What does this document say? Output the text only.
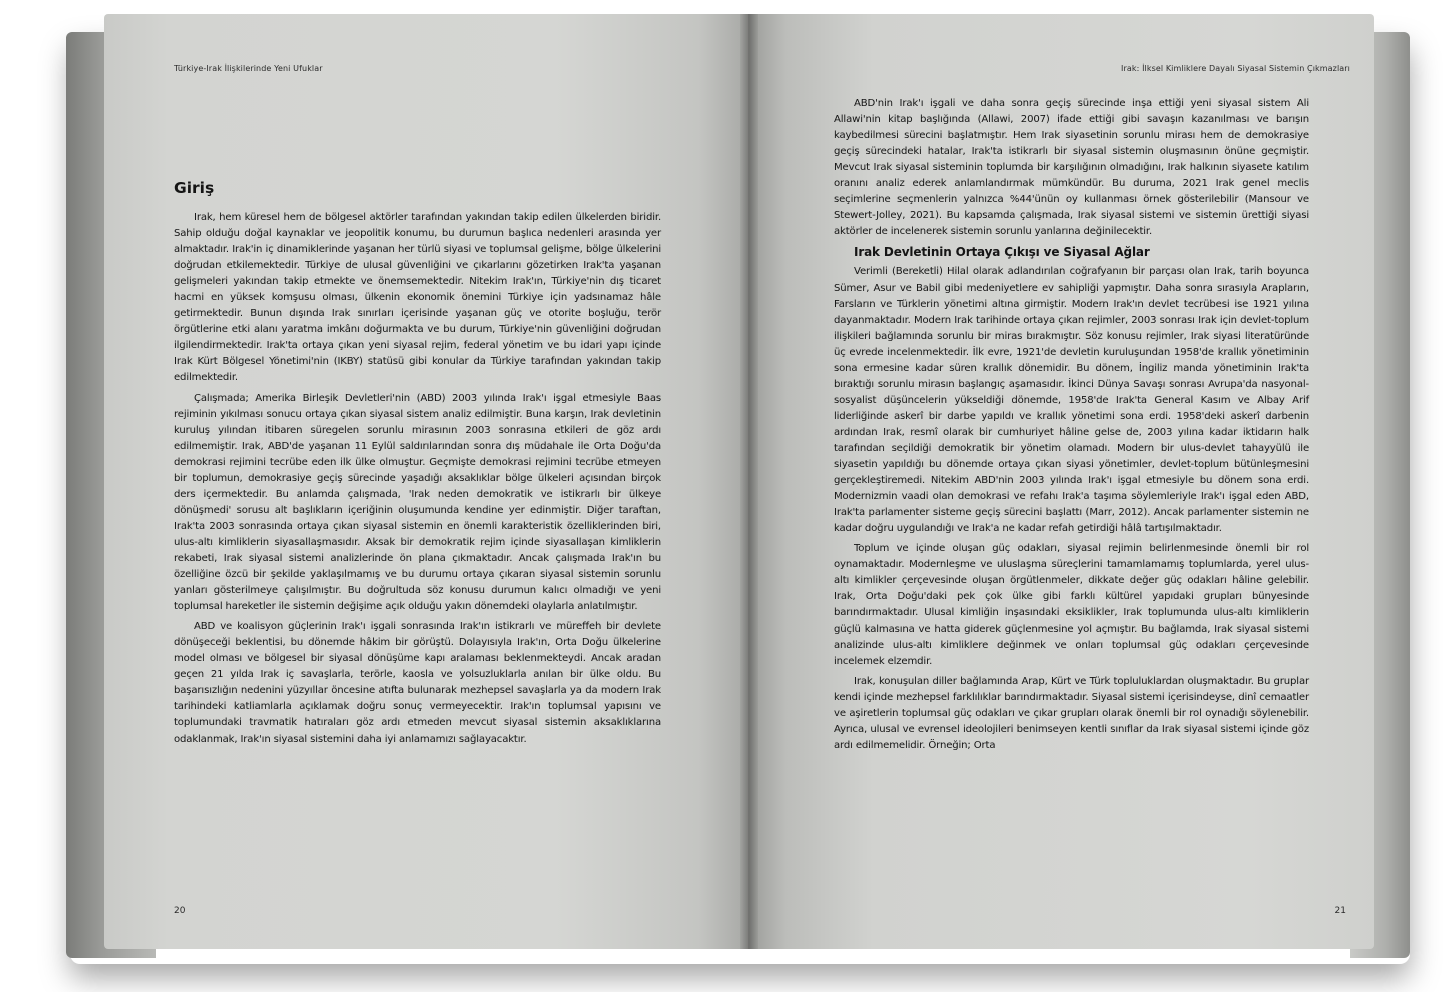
Türkiye-Irak İlişkilerinde Yeni Ufuklar
Giriş

Irak, hem küresel hem de bölgesel aktörler tarafından yakından takip edilen ülkelerden biridir. Sahip olduğu doğal kaynaklar ve jeopolitik konumu, bu durumun başlıca nedenleri arasında yer almaktadır. Irak'in iç dinamiklerinde yaşanan her türlü siyasi ve toplumsal gelişme, bölge ülkelerini doğrudan etkilemektedir. Türkiye de ulusal güvenliğini ve çıkarlarını gözetirken Irak'ta yaşanan gelişmeleri yakından takip etmekte ve önemsemektedir. Nitekim Irak'ın, Türkiye'nin dış ticaret hacmi en yüksek komşusu olması, ülkenin ekonomik önemini Türkiye için yadsınamaz hâle getirmektedir. Bunun dışında Irak sınırları içerisinde yaşanan güç ve otorite boşluğu, terör örgütlerine etki alanı yaratma imkânı doğurmakta ve bu durum, Türkiye'nin güvenliğini doğrudan ilgilendirmektedir. Irak'ta ortaya çıkan yeni siyasal rejim, federal yönetim ve bu idari yapı içinde Irak Kürt Bölgesel Yönetimi'nin (IKBY) statüsü gibi konular da Türkiye tarafından yakından takip edilmektedir.

Çalışmada; Amerika Birleşik Devletleri'nin (ABD) 2003 yılında Irak'ı işgal etmesiyle Baas rejiminin yıkılması sonucu ortaya çıkan siyasal sistem analiz edilmiştir. Buna karşın, Irak devletinin kuruluş yılından itibaren süregelen sorunlu mirasının 2003 sonrasına etkileri de göz ardı edilmemiştir. Irak, ABD'de yaşanan 11 Eylül saldırılarından sonra dış müdahale ile Orta Doğu'da demokrasi rejimini tecrübe eden ilk ülke olmuştur. Geçmişte demokrasi rejimini tecrübe etmeyen bir toplumun, demokrasiye geçiş sürecinde yaşadığı aksaklıklar bölge ülkeleri açısından birçok ders içermektedir. Bu anlamda çalışmada, 'Irak neden demokratik ve istikrarlı bir ülkeye dönüşmedi' sorusu alt başlıkların içeriğinin oluşumunda kendine yer edinmiştir. Diğer taraftan, Irak'ta 2003 sonrasında ortaya çıkan siyasal sistemin en önemli karakteristik özelliklerinden biri, ulus-altı kimliklerin siyasallaşmasıdır. Aksak bir demokratik rejim içinde siyasallaşan kimliklerin rekabeti, Irak siyasal sistemi analizlerinde ön plana çıkmaktadır. Ancak çalışmada Irak'ın bu özelliğine özcü bir şekilde yaklaşılmamış ve bu durumu ortaya çıkaran siyasal sistemin sorunlu yanları gösterilmeye çalışılmıştır. Bu doğrultuda söz konusu durumun kalıcı olmadığı ve yeni toplumsal hareketler ile sistemin değişime açık olduğu yakın dönemdeki olaylarla anlatılmıştır.

ABD ve koalisyon güçlerinin Irak'ı işgali sonrasında Irak'ın istikrarlı ve müreffeh bir devlete dönüşeceği beklentisi, bu dönemde hâkim bir görüştü. Dolayısıyla Irak'ın, Orta Doğu ülkelerine model olması ve bölgesel bir siyasal dönüşüme kapı aralaması beklenmekteydi. Ancak aradan geçen 21 yılda Irak iç savaşlarla, terörle, kaosla ve yolsuzluklarla anılan bir ülke oldu. Bu başarısızlığın nedenini yüzyıllar öncesine atıfta bulunarak mezhepsel savaşlarla ya da modern Irak tarihindeki katliamlarla açıklamak doğru sonuç vermeyecektir. Irak'ın toplumsal yapısını ve toplumundaki travmatik hatıraları göz ardı etmeden mevcut siyasal sistemin aksaklıklarına odaklanmak, Irak'ın siyasal sistemini daha iyi anlamamızı sağlayacaktır.

20
Irak: İlksel Kimliklere Dayalı Siyasal Sistemin Çıkmazları

ABD'nin Irak'ı işgali ve daha sonra geçiş sürecinde inşa ettiği yeni siyasal sistem Ali Allawi'nin kitap başlığında (Allawi, 2007) ifade ettiği gibi savaşın kazanılması ve barışın kaybedilmesi sürecini başlatmıştır. Hem Irak siyasetinin sorunlu mirası hem de demokrasiye geçiş sürecindeki hatalar, Irak'ta istikrarlı bir siyasal sistemin oluşmasının önüne geçmiştir. Mevcut Irak siyasal sisteminin toplumda bir karşılığının olmadığını, Irak halkının siyasete katılım oranını analiz ederek anlamlandırmak mümkündür. Bu duruma, 2021 Irak genel meclis seçimlerine seçmenlerin yalnızca %44'ünün oy kullanması örnek gösterilebilir (Mansour ve Stewert-Jolley, 2021). Bu kapsamda çalışmada, Irak siyasal sistemi ve sistemin ürettiği siyasi aktörler de incelenerek sistemin sorunlu yanlarına değinilecektir.

Irak Devletinin Ortaya Çıkışı ve Siyasal Ağlar

Verimli (Bereketli) Hilal olarak adlandırılan coğrafyanın bir parçası olan Irak, tarih boyunca Sümer, Asur ve Babil gibi medeniyetlere ev sahipliği yapmıştır. Daha sonra sırasıyla Arapların, Farsların ve Türklerin yönetimi altına girmiştir. Modern Irak'ın devlet tecrübesi ise 1921 yılına dayanmaktadır. Modern Irak tarihinde ortaya çıkan rejimler, 2003 sonrası Irak için devlet-toplum ilişkileri bağlamında sorunlu bir miras bırakmıştır. Söz konusu rejimler, Irak siyasi literatüründe üç evrede incelenmektedir. İlk evre, 1921'de devletin kuruluşundan 1958'de krallık yönetiminin sona ermesine kadar süren krallık dönemidir. Bu dönem, İngiliz manda yönetiminin Irak'ta bıraktığı sorunlu mirasın başlangıç aşamasıdır. İkinci Dünya Savaşı sonrası Avrupa'da nasyonal-sosyalist düşüncelerin yükseldiği dönemde, 1958'de Irak'ta General Kasım ve Albay Arif liderliğinde askerî bir darbe yapıldı ve krallık yönetimi sona erdi. 1958'deki askerî darbenin ardından Irak, resmî olarak bir cumhuriyet hâline gelse de, 2003 yılına kadar iktidarın halk tarafından seçildiği demokratik bir yönetim olamadı. Modern bir ulus-devlet tahayyülü ile siyasetin yapıldığı bu dönemde ortaya çıkan siyasi yönetimler, devlet-toplum bütünleşmesini gerçekleştiremedi. Nitekim ABD'nin 2003 yılında Irak'ı işgal etmesiyle bu dönem sona erdi. Modernizmin vaadi olan demokrasi ve refahı Irak'a taşıma söylemleriyle Irak'ı işgal eden ABD, Irak'ta parlamenter sisteme geçiş sürecini başlattı (Marr, 2012). Ancak parlamenter sistemin ne kadar doğru uygulandığı ve Irak'a ne kadar refah getirdiği hâlâ tartışılmaktadır.

Toplum ve içinde oluşan güç odakları, siyasal rejimin belirlenmesinde önemli bir rol oynamaktadır. Modernleşme ve uluslaşma süreçlerini tamamlamamış toplumlarda, yerel ulus-altı kimlikler çerçevesinde oluşan örgütlenmeler, dikkate değer güç odakları hâline gelebilir. Irak, Orta Doğu'daki pek çok ülke gibi farklı kültürel yapıdaki grupları bünyesinde barındırmaktadır. Ulusal kimliğin inşasındaki eksiklikler, Irak toplumunda ulus-altı kimliklerin güçlü kalmasına ve hatta giderek güçlenmesine yol açmıştır. Bu bağlamda, Irak siyasal sistemi analizinde ulus-altı kimliklere değinmek ve onları toplumsal güç odakları çerçevesinde incelemek elzemdir.

Irak, konuşulan diller bağlamında Arap, Kürt ve Türk topluluklardan oluşmaktadır. Bu gruplar kendi içinde mezhepsel farklılıklar barındırmaktadır. Siyasal sistemi içerisindeyse, dinî cemaatler ve aşiretlerin toplumsal güç odakları ve çıkar grupları olarak önemli bir rol oynadığı söylenebilir. Ayrıca, ulusal ve evrensel ideolojileri benimseyen kentli sınıflar da Irak siyasal sistemi içinde göz ardı edilmemelidir. Örneğin; Orta

21
